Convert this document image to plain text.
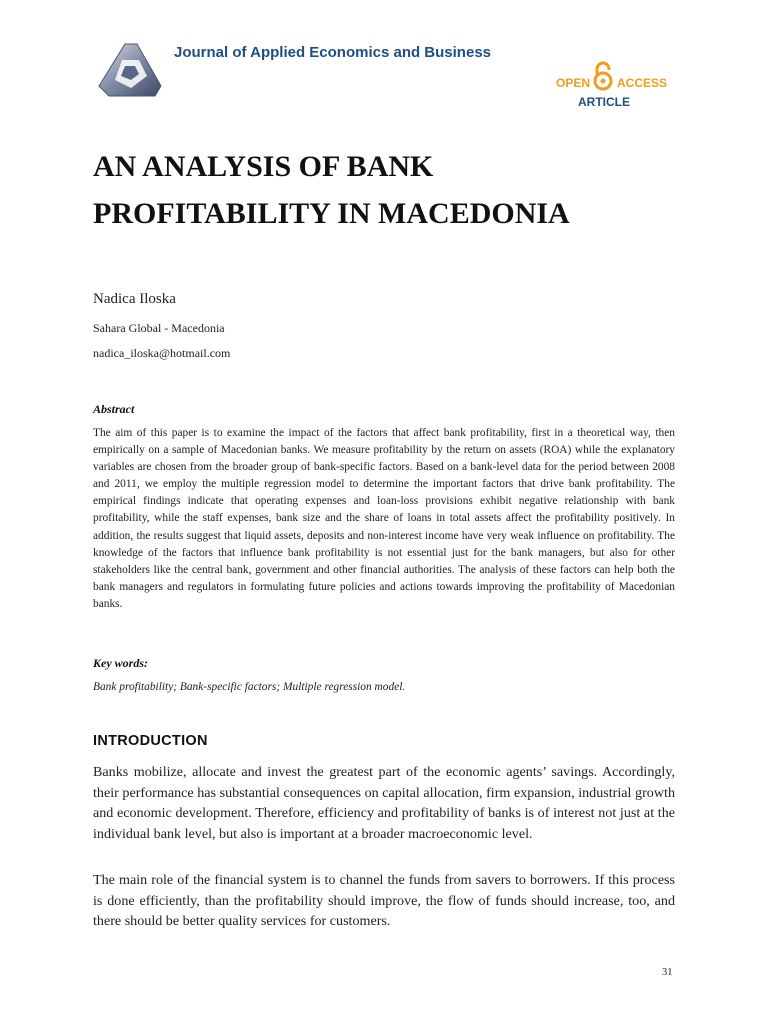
Journal of Applied Economics and Business
OPEN ACCESS
ARTICLE
AN ANALYSIS OF BANK
PROFITABILITY IN MACEDONIA
Nadica Iloska
Sahara Global - Macedonia
nadica_iloska@hotmail.com
Abstract

The aim of this paper is to examine the impact of the factors that affect bank profitability, first in a theoretical way, then empirically on a sample of Macedonian banks. We measure profitability by the return on assets (ROA) while the explanatory variables are chosen from the broader group of bank-specific factors. Based on a bank-level data for the period between 2008 and 2011, we employ the multiple regression model to determine the important factors that drive bank profitability. The empirical findings indicate that operating expenses and loan-loss provisions exhibit negative relationship with bank profitability, while the staff expenses, bank size and the share of loans in total assets affect the profitability positively. In addition, the results suggest that liquid assets, deposits and non-interest income have very weak influence on profitability. The knowledge of the factors that influence bank profitability is not essential just for the bank managers, but also for other stakeholders like the central bank, government and other financial authorities. The analysis of these factors can help both the bank managers and regulators in formulating future policies and actions towards improving the profitability of Macedonian banks.

Key words:
Bank profitability; Bank-specific factors; Multiple regression model.
INTRODUCTION

Banks mobilize, allocate and invest the greatest part of the economic agents’ savings. Accordingly, their performance has substantial consequences on capital allocation, firm expansion, industrial growth and economic development. Therefore, efficiency and profitability of banks is of interest not just at the individual bank level, but also is important at a broader macroeconomic level.

The main role of the financial system is to channel the funds from savers to borrowers. If this process is done efficiently, than the profitability should improve, the flow of funds should increase, too, and there should be better quality services for customers.

31
